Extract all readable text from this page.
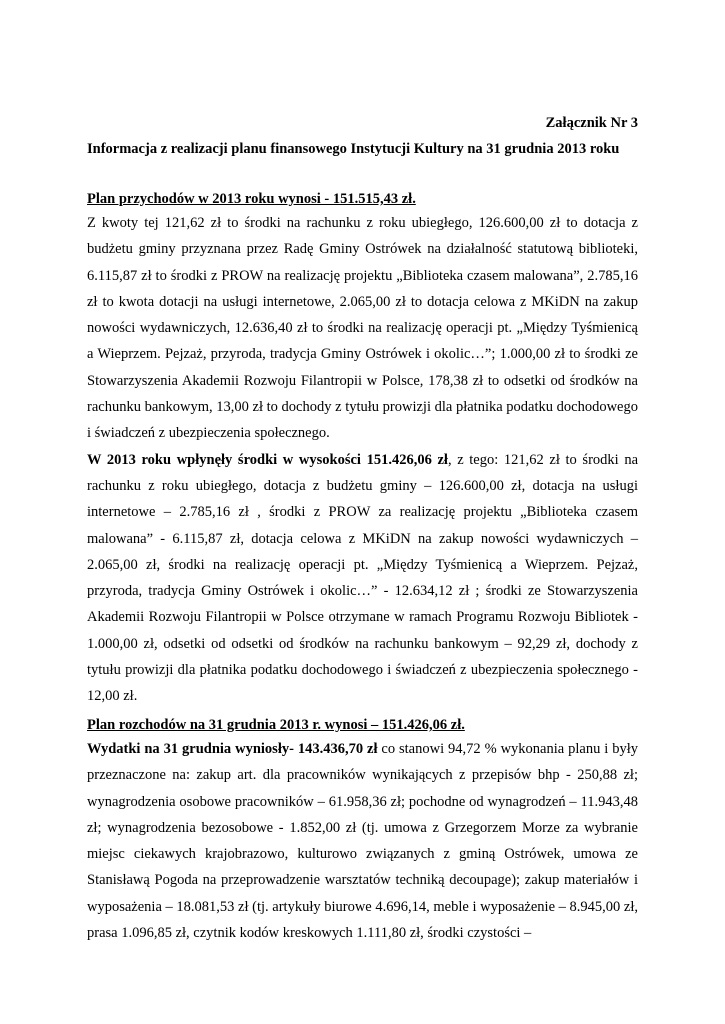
Załącznik Nr 3

Informacja z realizacji planu finansowego Instytucji Kultury na 31 grudnia 2013 roku

Plan przychodów w 2013 roku wynosi - 151.515,43 zł.

Z kwoty tej 121,62 zł to środki na rachunku z roku ubiegłego, 126.600,00 zł to dotacja z budżetu gminy przyznana przez Radę Gminy Ostrówek na działalność statutową biblioteki, 6.115,87 zł to środki z PROW na realizację projektu „Biblioteka czasem malowana”, 2.785,16 zł to kwota dotacji na usługi internetowe, 2.065,00 zł to dotacja celowa z MKiDN na zakup nowości wydawniczych, 12.636,40 zł to środki na realizację operacji pt. „Między Tyśmienicą a Wieprzem. Pejzaż, przyroda, tradycja Gminy Ostrówek i okolic…”; 1.000,00 zł to środki ze Stowarzyszenia Akademii Rozwoju Filantropii w Polsce, 178,38 zł to odsetki od środków na rachunku bankowym, 13,00 zł to dochody z tytułu prowizji dla płatnika podatku dochodowego i świadczeń z ubezpieczenia społecznego.

W 2013 roku wpłynęły środki w wysokości 151.426,06 zł, z tego: 121,62 zł to środki na rachunku z roku ubiegłego, dotacja z budżetu gminy – 126.600,00 zł, dotacja na usługi internetowe – 2.785,16 zł , środki z PROW za realizację projektu „Biblioteka czasem malowana” - 6.115,87 zł, dotacja celowa z MKiDN na zakup nowości wydawniczych – 2.065,00 zł, środki na realizację operacji pt. „Między Tyśmienicą a Wieprzem. Pejzaż, przyroda, tradycja Gminy Ostrówek i okolic…” - 12.634,12 zł ; środki ze Stowarzyszenia Akademii Rozwoju Filantropii w Polsce otrzymane w ramach Programu Rozwoju Bibliotek - 1.000,00 zł, odsetki od odsetki od środków na rachunku bankowym – 92,29 zł, dochody z tytułu prowizji dla płatnika podatku dochodowego i świadczeń z ubezpieczenia społecznego - 12,00 zł.

Plan rozchodów na 31 grudnia 2013 r. wynosi – 151.426,06 zł.

Wydatki na 31 grudnia wyniosły- 143.436,70 zł co stanowi 94,72 % wykonania planu i były przeznaczone na: zakup art. dla pracowników wynikających z przepisów bhp - 250,88 zł; wynagrodzenia osobowe pracowników – 61.958,36 zł; pochodne od wynagrodzeń – 11.943,48 zł; wynagrodzenia bezosobowe - 1.852,00 zł (tj. umowa z Grzegorzem Morze za wybranie miejsc ciekawych krajobrazowo, kulturowo związanych z gminą Ostrówek, umowa ze Stanisławą Pogoda na przeprowadzenie warsztatów techniką decoupage); zakup materiałów i wyposażenia – 18.081,53 zł (tj. artykuły biurowe 4.696,14, meble i wyposażenie – 8.945,00 zł, prasa 1.096,85 zł, czytnik kodów kreskowych 1.111,80 zł, środki czystości –
